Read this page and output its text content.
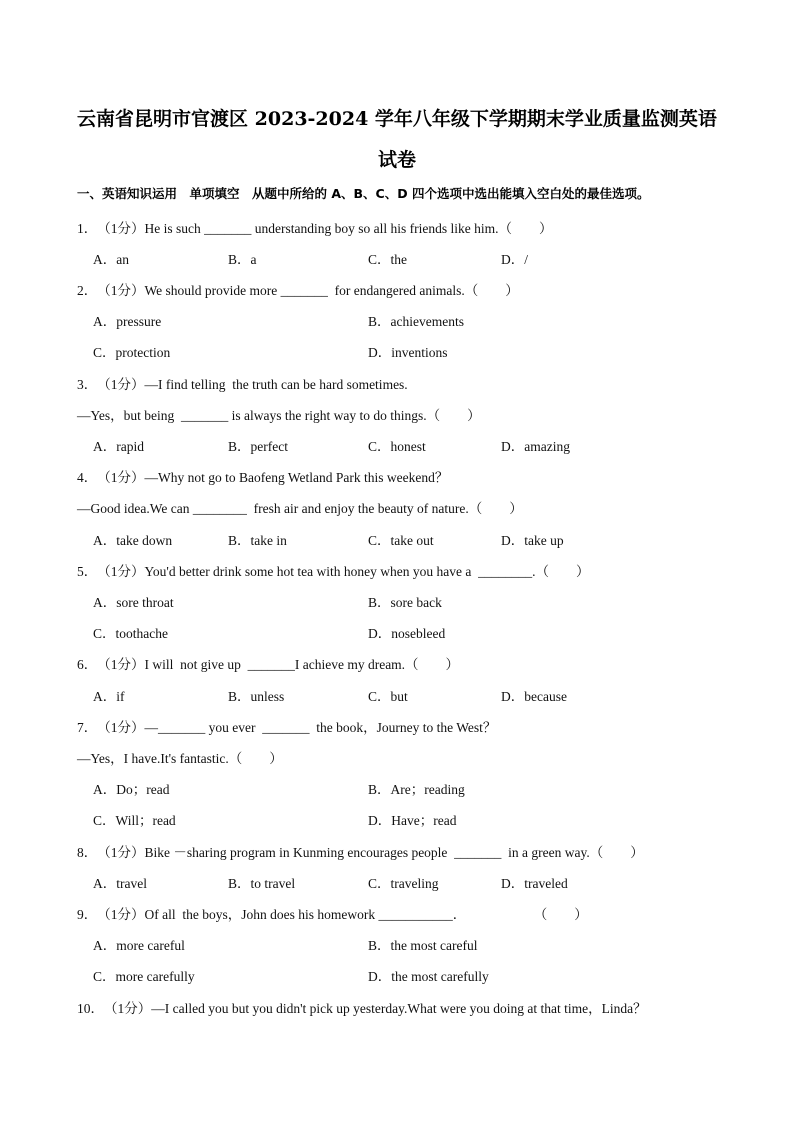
云南省昆明市官渡区 2023-2024 学年八年级下学期期末学业质量监测英语
试卷
一、英语知识运用　单项填空　从题中所给的 A、B、C、D 四个选项中选出能填入空白处的最佳选项。
1．（1分）He is such _______ understanding boy so all his friends like him.（　　）
A．an	B．a	C．the	D．/
2．（1分）We should provide more _______  for endangered animals.（　　）
A．pressure	B．achievements
C．protection	D．inventions
3．（1分）—I find telling  the truth can be hard sometimes.
—Yes，but being  _______ is always the right way to do things.（　　）
A．rapid	B．perfect	C．honest	D．amazing
4．（1分）—Why not go to Baofeng Wetland Park this weekend？
—Good idea.We can ________  fresh air and enjoy the beauty of nature.（　　）
A．take down	B．take in	C．take out	D．take up
5．（1分）You'd better drink some hot tea with honey when you have a  ________.（　　）
A．sore throat	B．sore back
C．toothache	D．nosebleed
6．（1分）I will  not give up  _______I achieve my dream.（　　）
A．if	B．unless	C．but	D．because
7．（1分）—_______ you ever  _______  the book，Journey to the West？
—Yes，I have.It's fantastic.（　　）
A．Do；read	B．Are；reading
C．Will；read	D．Have；read
8．（1分）Bike －sharing program in Kunming encourages people  _______  in a green way.（　　）
A．travel	B．to travel	C．traveling	D．traveled
9．（1分）Of all  the boys，John does his homework ___________．                    （　　）
A．more careful	B．the most careful
C．more carefully	D．the most carefully
10．（1分）—I called you but you didn't pick up yesterday.What were you doing at that time，Linda？
